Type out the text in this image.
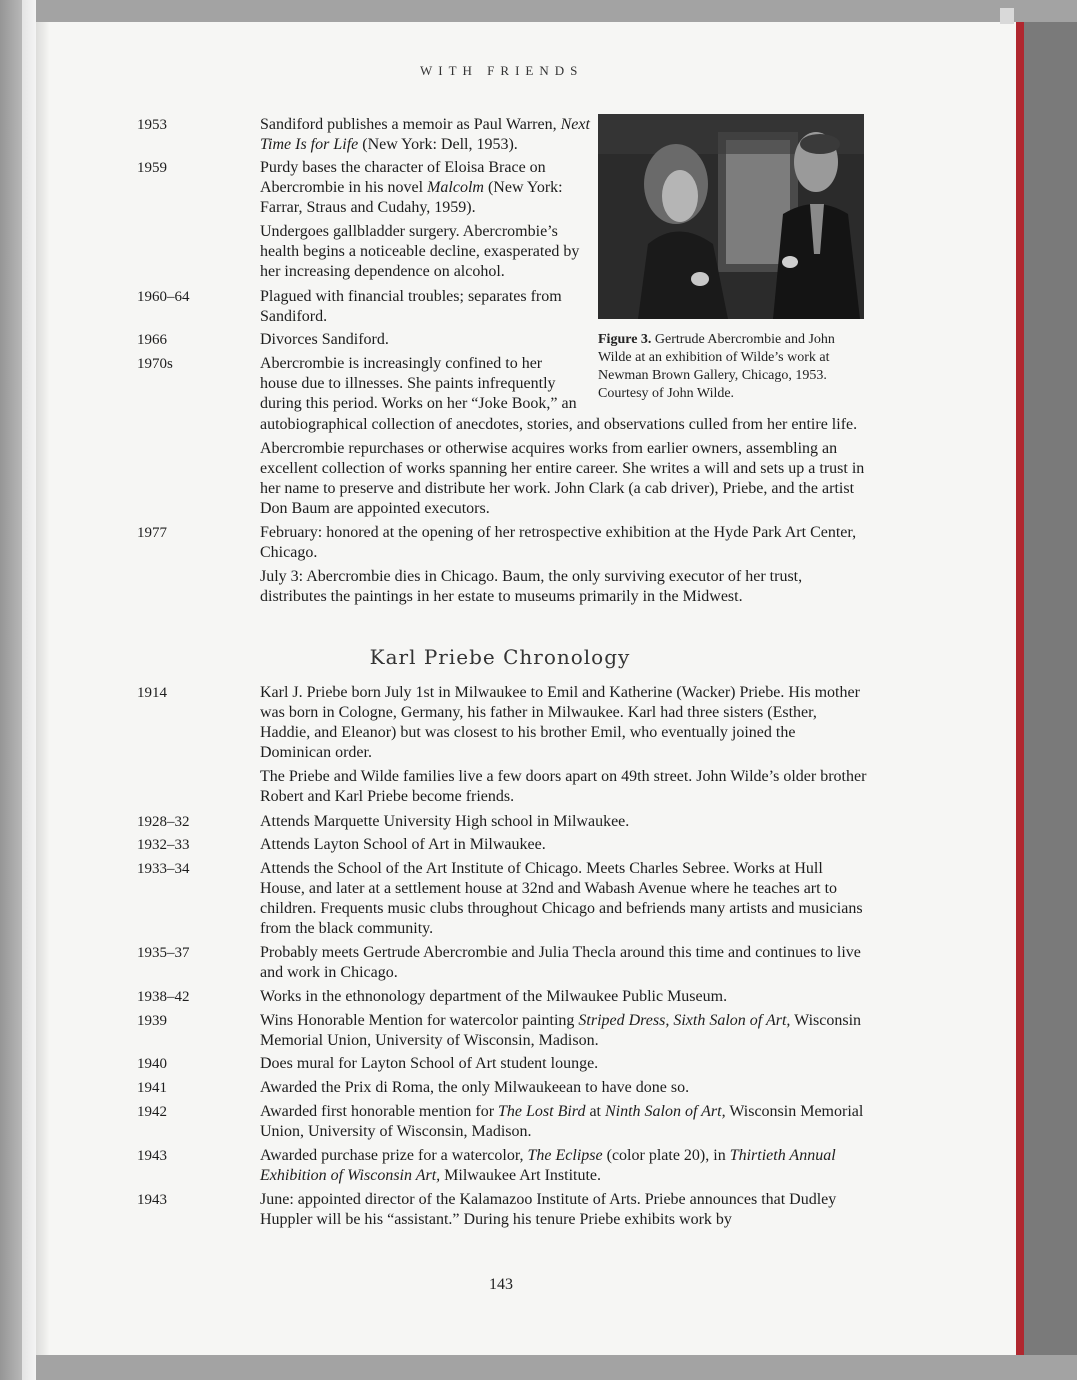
WITH FRIENDS
Figure 3. Gertrude Abercrombie and John Wilde at an exhibition of Wilde’s work at Newman Brown Gallery, Chicago, 1953. Courtesy of John Wilde.
1953	Sandiford publishes a memoir as Paul Warren, Next Time Is for Life (New York: Dell, 1953).
1959	Purdy bases the character of Eloisa Brace on Abercrombie in his novel Malcolm (New York: Farrar, Straus and Cudahy, 1959).
Undergoes gallbladder surgery. Abercrombie’s health begins a noticeable decline, exasperated by her increasing dependence on alcohol.
1960–64	Plagued with financial troubles; separates from Sandiford.
1966	Divorces Sandiford.
1970s	Abercrombie is increasingly confined to her house due to illnesses. She paints infrequently during this period. Works on her “Joke Book,” an
autobiographical collection of anecdotes, stories, and observations culled from her entire life.
Abercrombie repurchases or otherwise acquires works from earlier owners, assembling an excellent collection of works spanning her entire career. She writes a will and sets up a trust in her name to preserve and distribute her work. John Clark (a cab driver), Priebe, and the artist Don Baum are appointed executors.
1977	February: honored at the opening of her retrospective exhibition at the Hyde Park Art Center, Chicago.
July 3: Abercrombie dies in Chicago. Baum, the only surviving executor of her trust, distributes the paintings in her estate to museums primarily in the Midwest.
Karl Priebe Chronology
1914	Karl J. Priebe born July 1st in Milwaukee to Emil and Katherine (Wacker) Priebe. His mother was born in Cologne, Germany, his father in Milwaukee. Karl had three sisters (Esther, Haddie, and Eleanor) but was closest to his brother Emil, who eventually joined the Dominican order.
The Priebe and Wilde families live a few doors apart on 49th street. John Wilde’s older brother Robert and Karl Priebe become friends.
1928–32	Attends Marquette University High school in Milwaukee.
1932–33	Attends Layton School of Art in Milwaukee.
1933–34	Attends the School of the Art Institute of Chicago. Meets Charles Sebree. Works at Hull House, and later at a settlement house at 32nd and Wabash Avenue where he teaches art to children. Frequents music clubs throughout Chicago and befriends many artists and musicians from the black community.
1935–37	Probably meets Gertrude Abercrombie and Julia Thecla around this time and continues to live and work in Chicago.
1938–42	Works in the ethnonology department of the Milwaukee Public Museum.
1939	Wins Honorable Mention for watercolor painting Striped Dress, Sixth Salon of Art, Wisconsin Memorial Union, University of Wisconsin, Madison.
1940	Does mural for Layton School of Art student lounge.
1941	Awarded the Prix di Roma, the only Milwaukeean to have done so.
1942	Awarded first honorable mention for The Lost Bird at Ninth Salon of Art, Wisconsin Memorial Union, University of Wisconsin, Madison.
1943	Awarded purchase prize for a watercolor, The Eclipse (color plate 20), in Thirtieth Annual Exhibition of Wisconsin Art, Milwaukee Art Institute.
1943	June: appointed director of the Kalamazoo Institute of Arts. Priebe announces that Dudley Huppler will be his “assistant.” During his tenure Priebe exhibits work by
143
